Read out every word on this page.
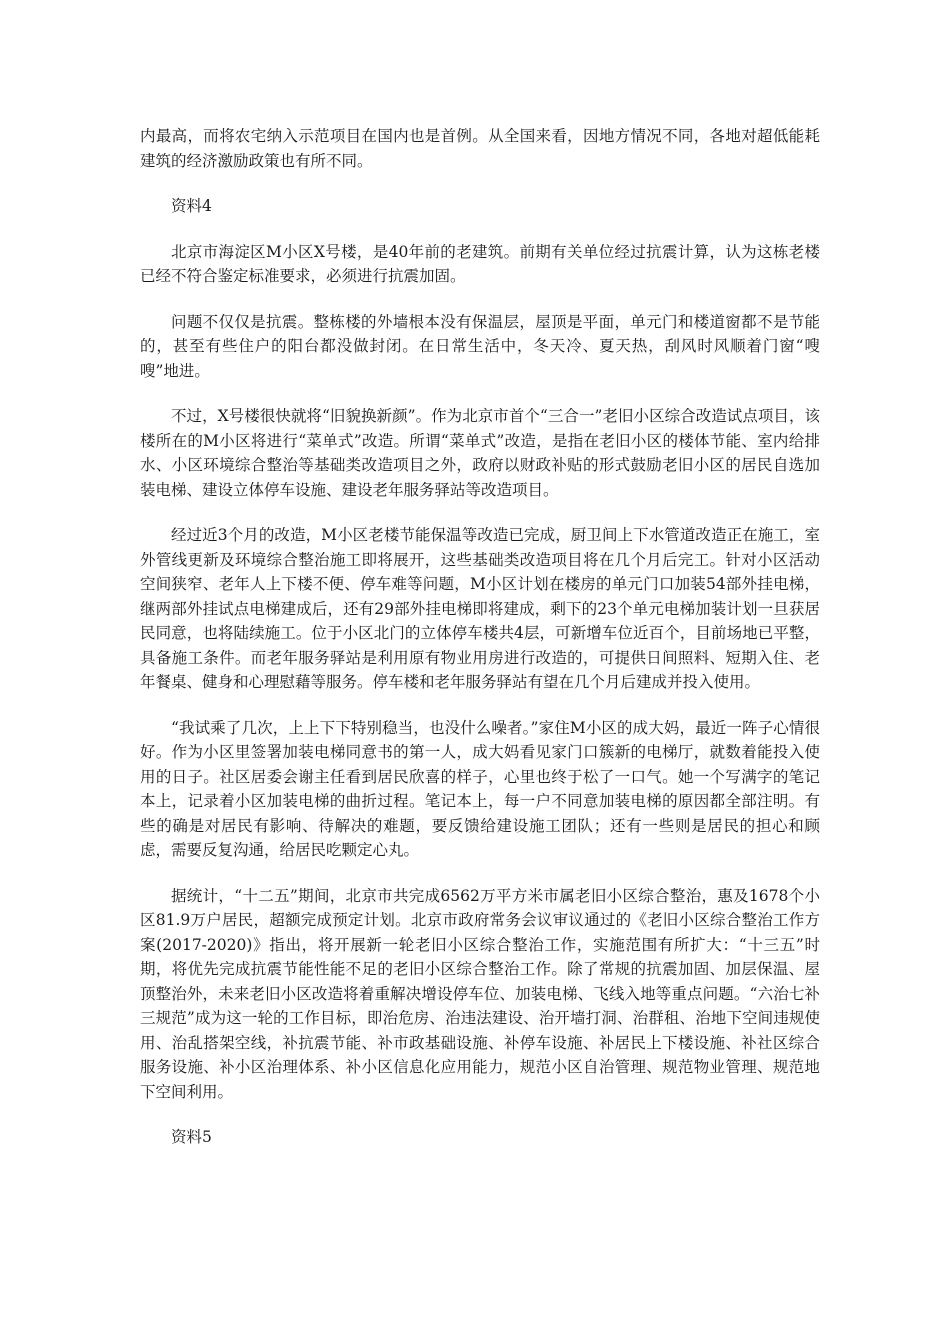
内最高，而将农宅纳入示范项目在国内也是首例。从全国来看，因地方情况不同，各地对超低能耗建筑的经济激励政策也有所不同。

资料4

北京市海淀区M小区X号楼，是40年前的老建筑。前期有关单位经过抗震计算，认为这栋老楼已经不符合鉴定标准要求，必须进行抗震加固。

问题不仅仅是抗震。整栋楼的外墙根本没有保温层，屋顶是平面，单元门和楼道窗都不是节能的，甚至有些住户的阳台都没做封闭。在日常生活中，冬天冷、夏天热，刮风时风顺着门窗“嗖嗖”地进。

不过，X号楼很快就将“旧貌换新颜”。作为北京市首个“三合一”老旧小区综合改造试点项目，该楼所在的M小区将进行“菜单式”改造。所谓“菜单式”改造，是指在老旧小区的楼体节能、室内给排水、小区环境综合整治等基础类改造项目之外，政府以财政补贴的形式鼓励老旧小区的居民自选加装电梯、建设立体停车设施、建设老年服务驿站等改造项目。

经过近3个月的改造，M小区老楼节能保温等改造已完成，厨卫间上下水管道改造正在施工，室外管线更新及环境综合整治施工即将展开，这些基础类改造项目将在几个月后完工。针对小区活动空间狭窄、老年人上下楼不便、停车难等问题，M小区计划在楼房的单元门口加装54部外挂电梯，继两部外挂试点电梯建成后，还有29部外挂电梯即将建成，剩下的23个单元电梯加装计划一旦获居民同意，也将陆续施工。位于小区北门的立体停车楼共4层，可新增车位近百个，目前场地已平整，具备施工条件。而老年服务驿站是利用原有物业用房进行改造的，可提供日间照料、短期入住、老年餐桌、健身和心理慰藉等服务。停车楼和老年服务驿站有望在几个月后建成并投入使用。

“我试乘了几次，上上下下特别稳当，也没什么噪者。”家住M小区的成大妈，最近一阵子心情很好。作为小区里签署加装电梯同意书的第一人，成大妈看见家门口簇新的电梯厅，就数着能投入使用的日子。社区居委会谢主任看到居民欣喜的样子，心里也终于松了一口气。她一个写满字的笔记本上，记录着小区加装电梯的曲折过程。笔记本上，每一户不同意加装电梯的原因都全部注明。有些的确是对居民有影响、待解决的难题，要反馈给建设施工团队；还有一些则是居民的担心和顾虑，需要反复沟通，给居民吃颗定心丸。

据统计，“十二五”期间，北京市共完成6562万平方米市属老旧小区综合整治，惠及1678个小区81.9万户居民，超额完成预定计划。北京市政府常务会议审议通过的《老旧小区综合整治工作方案(2017-2020)》指出，将开展新一轮老旧小区综合整治工作，实施范围有所扩大：“十三五”时期，将优先完成抗震节能性能不足的老旧小区综合整治工作。除了常规的抗震加固、加层保温、屋顶整治外，未来老旧小区改造将着重解决增设停车位、加装电梯、飞线入地等重点问题。“六治七补三规范”成为这一轮的工作目标，即治危房、治违法建设、治开墙打洞、治群租、治地下空间违规使用、治乱搭架空线，补抗震节能、补市政基础设施、补停车设施、补居民上下楼设施、补社区综合服务设施、补小区治理体系、补小区信息化应用能力，规范小区自治管理、规范物业管理、规范地下空间利用。

资料5
